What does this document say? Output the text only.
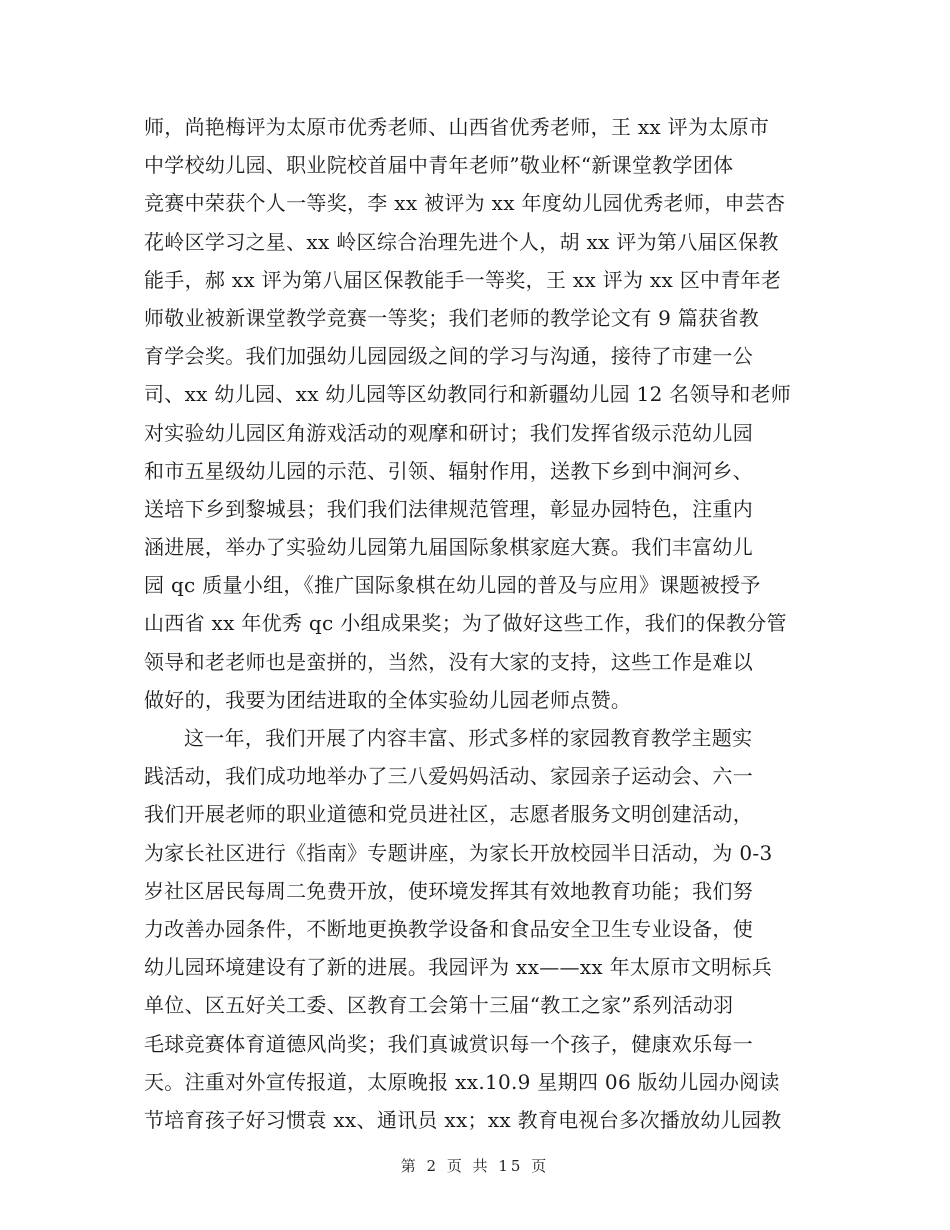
师，尚艳梅评为太原市优秀老师、山西省优秀老师，王 xx 评为太原市
中学校幼儿园、职业院校首届中青年老师”敬业杯“新课堂教学团体
竞赛中荣获个人一等奖，李 xx 被评为 xx 年度幼儿园优秀老师，申芸杏
花岭区学习之星、xx 岭区综合治理先进个人，胡 xx 评为第八届区保教
能手，郝 xx 评为第八届区保教能手一等奖，王 xx 评为 xx 区中青年老
师敬业被新课堂教学竞赛一等奖；我们老师的教学论文有 9 篇获省教
育学会奖。我们加强幼儿园园级之间的学习与沟通，接待了市建一公
司、xx 幼儿园、xx 幼儿园等区幼教同行和新疆幼儿园 12 名领导和老师
对实验幼儿园区角游戏活动的观摩和研讨；我们发挥省级示范幼儿园
和市五星级幼儿园的示范、引领、辐射作用，送教下乡到中涧河乡、
送培下乡到黎城县；我们我们法律规范管理，彰显办园特色，注重内
涵进展，举办了实验幼儿园第九届国际象棋家庭大赛。我们丰富幼儿
园 qc 质量小组，《推广国际象棋在幼儿园的普及与应用》课题被授予
山西省 xx 年优秀 qc 小组成果奖；为了做好这些工作，我们的保教分管
领导和老老师也是蛮拼的，当然，没有大家的支持，这些工作是难以
做好的，我要为团结进取的全体实验幼儿园老师点赞。
这一年，我们开展了内容丰富、形式多样的家园教育教学主题实
践活动，我们成功地举办了三八爱妈妈活动、家园亲子运动会、六一
我们开展老师的职业道德和党员进社区，志愿者服务文明创建活动，
为家长社区进行《指南》专题讲座，为家长开放校园半日活动，为 0-3
岁社区居民每周二免费开放，使环境发挥其有效地教育功能；我们努
力改善办园条件，不断地更换教学设备和食品安全卫生专业设备，使
幼儿园环境建设有了新的进展。我园评为 xx——xx 年太原市文明标兵
单位、区五好关工委、区教育工会第十三届“教工之家”系列活动羽
毛球竞赛体育道德风尚奖；我们真诚赏识每一个孩子，健康欢乐每一
天。注重对外宣传报道，太原晚报 xx.10.9 星期四 06 版幼儿园办阅读
节培育孩子好习惯袁 xx、通讯员 xx；xx 教育电视台多次播放幼儿园教
第 2 页 共 15 页
